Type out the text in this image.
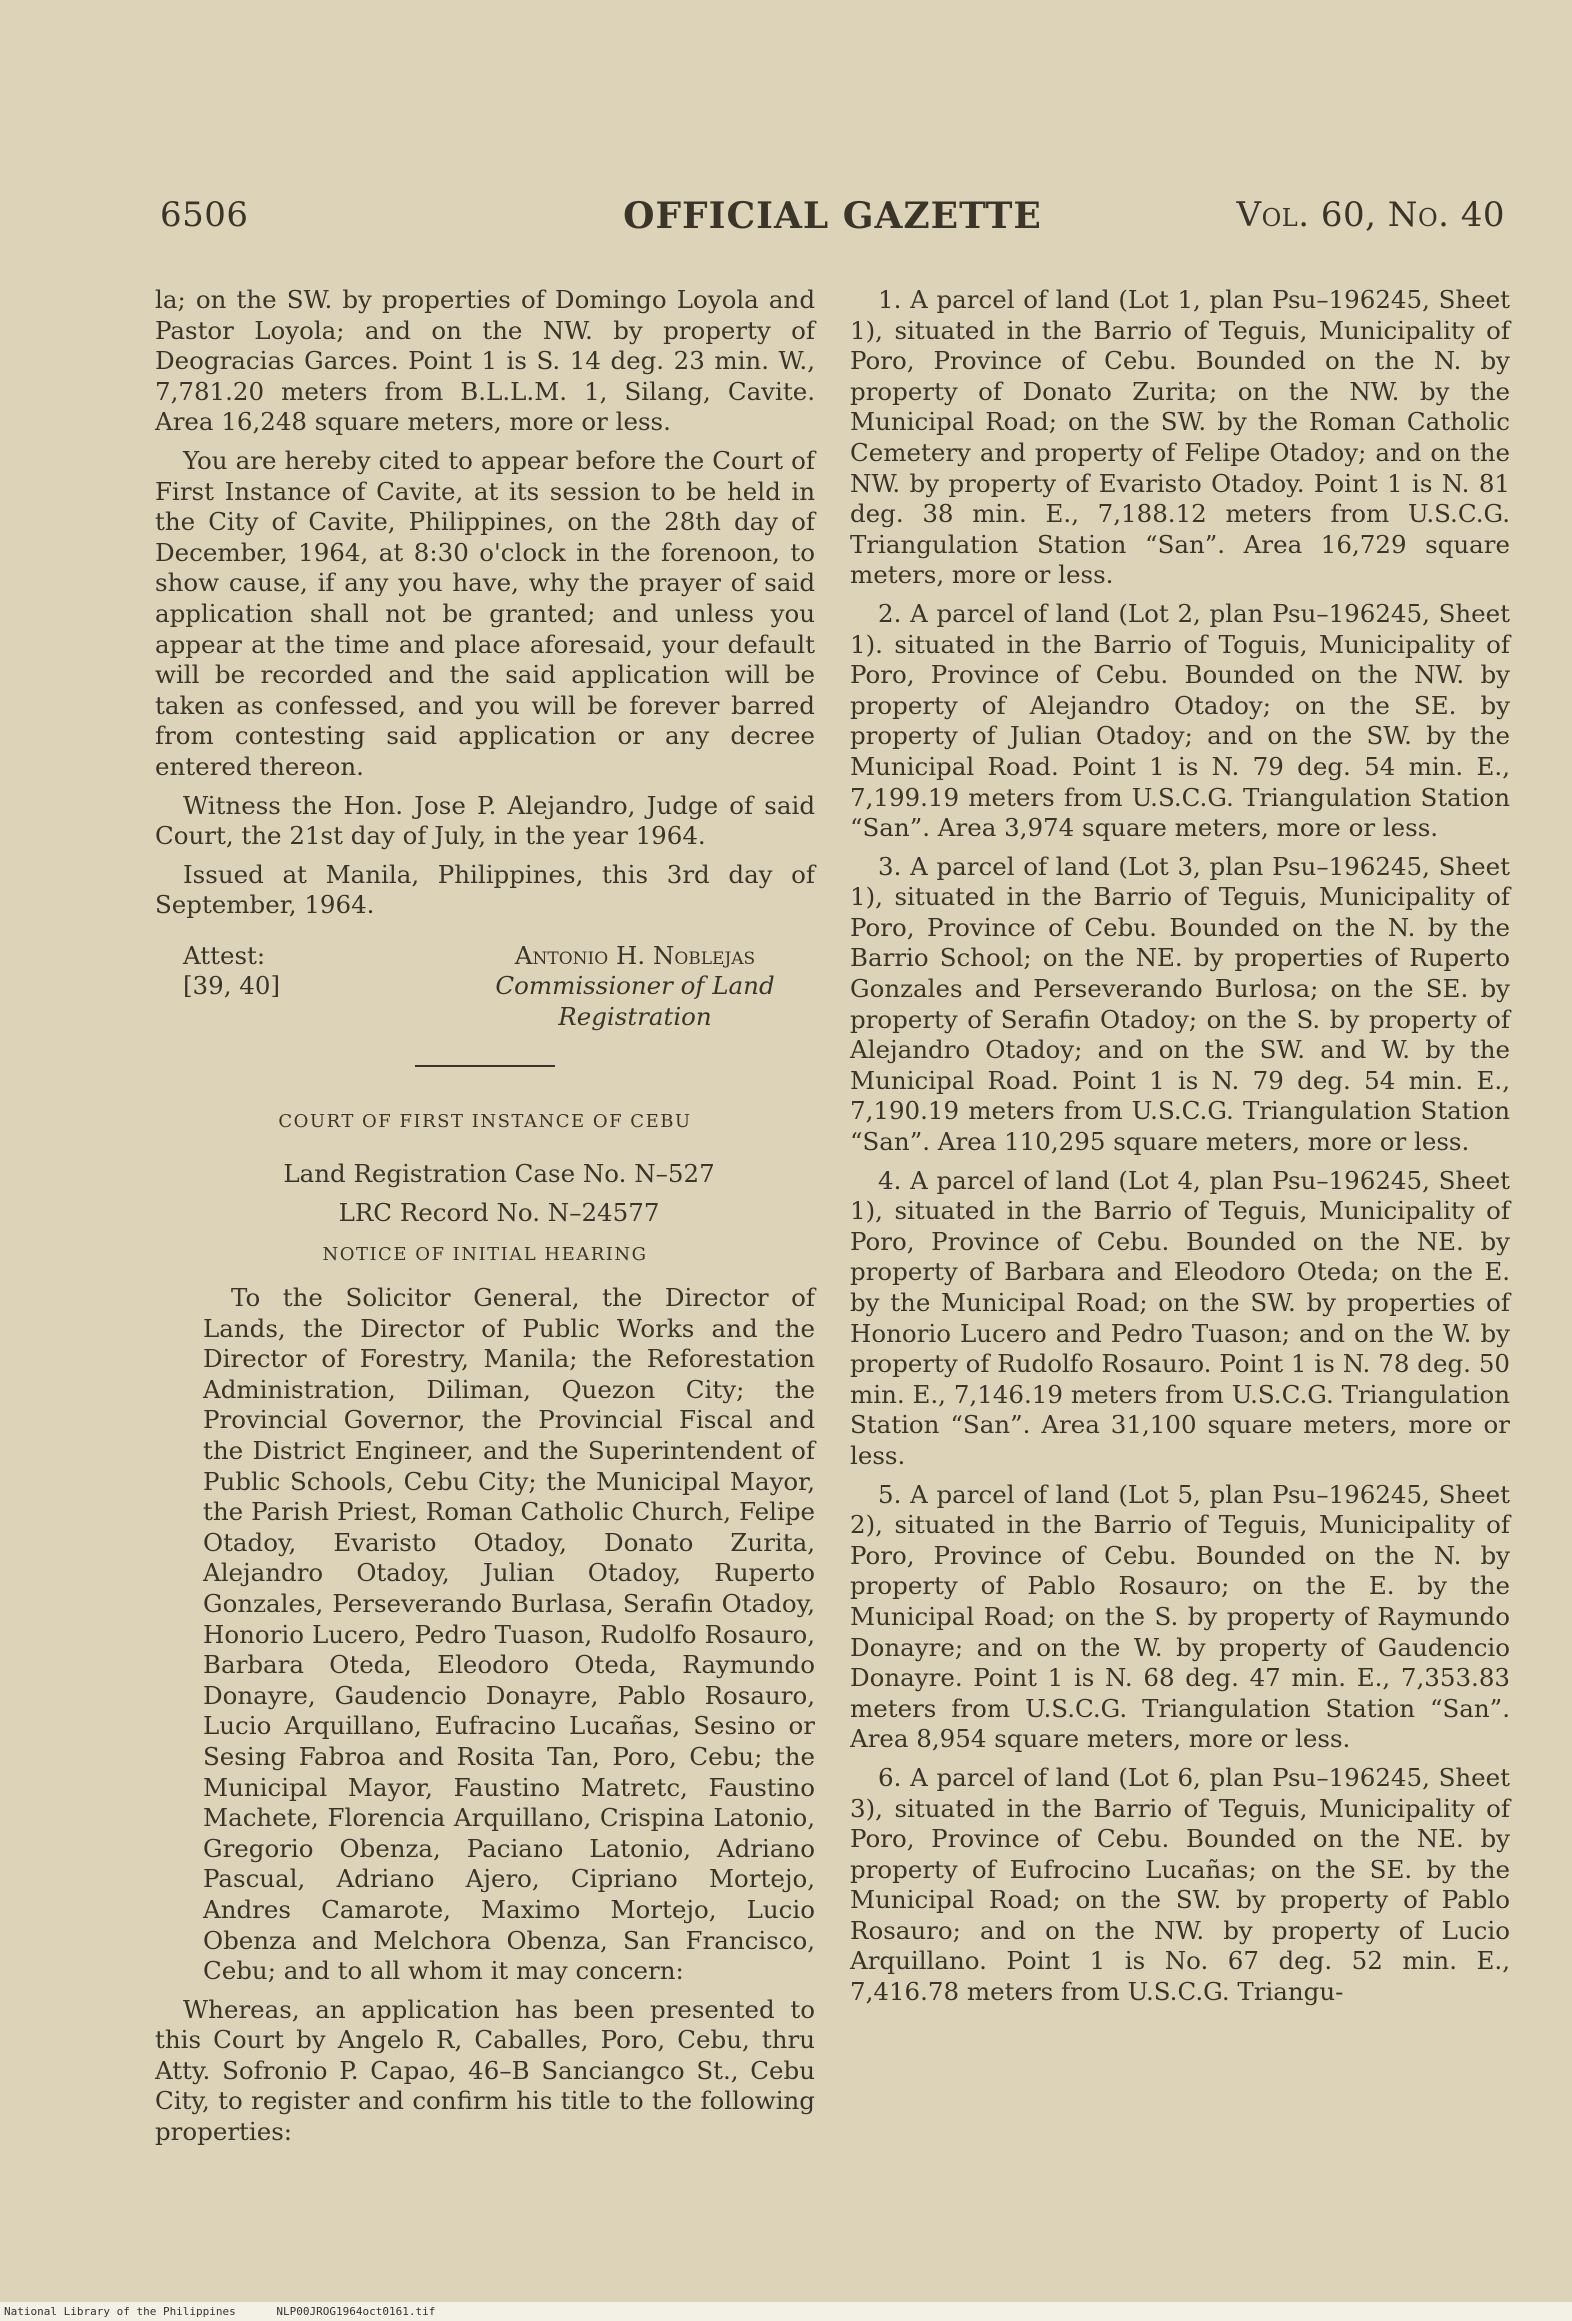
6506	OFFICIAL GAZETTE	Vol. 60, No. 40

la; on the SW. by properties of Domingo Loyola and Pastor Loyola; and on the NW. by property of Deogracias Garces. Point 1 is S. 14 deg. 23 min. W., 7,781.20 meters from B.L.L.M. 1, Silang, Cavite. Area 16,248 square meters, more or less.

You are hereby cited to appear before the Court of First Instance of Cavite, at its session to be held in the City of Cavite, Philippines, on the 28th day of December, 1964, at 8:30 o'clock in the forenoon, to show cause, if any you have, why the prayer of said application shall not be granted; and unless you appear at the time and place aforesaid, your default will be recorded and the said application will be taken as confessed, and you will be forever barred from contesting said application or any decree entered thereon.

Witness the Hon. Jose P. Alejandro, Judge of said Court, the 21st day of July, in the year 1964.

Issued at Manila, Philippines, this 3rd day of September, 1964.

Attest:
[39, 40]
Antonio H. Noblejas
Commissioner of Land Registration
COURT OF FIRST INSTANCE OF CEBU

Land Registration Case No. N–527

LRC Record No. N–24577

NOTICE OF INITIAL HEARING

To the Solicitor General, the Director of Lands, the Director of Public Works and the Director of Forestry, Manila; the Reforestation Administration, Diliman, Quezon City; the Provincial Governor, the Provincial Fiscal and the District Engineer, and the Superintendent of Public Schools, Cebu City; the Municipal Mayor, the Parish Priest, Roman Catholic Church, Felipe Otadoy, Evaristo Otadoy, Donato Zurita, Alejandro Otadoy, Julian Otadoy, Ruperto Gonzales, Perseverando Burlasa, Serafin Otadoy, Honorio Lucero, Pedro Tuason, Rudolfo Rosauro, Barbara Oteda, Eleodoro Oteda, Raymundo Donayre, Gaudencio Donayre, Pablo Rosauro, Lucio Arquillano, Eufracino Lucañas, Sesino or Sesing Fabroa and Rosita Tan, Poro, Cebu; the Municipal Mayor, Faustino Matretc, Faustino Machete, Florencia Arquillano, Crispina Latonio, Gregorio Obenza, Paciano Latonio, Adriano Pascual, Adriano Ajero, Cipriano Mortejo, Andres Camarote, Maximo Mortejo, Lucio Obenza and Melchora Obenza, San Francisco, Cebu; and to all whom it may concern:

Whereas, an application has been presented to this Court by Angelo R, Caballes, Poro, Cebu, thru Atty. Sofronio P. Capao, 46–B Sanciangco St., Cebu City, to register and confirm his title to the following properties:

1. A parcel of land (Lot 1, plan Psu–196245, Sheet 1), situated in the Barrio of Teguis, Municipality of Poro, Province of Cebu. Bounded on the N. by property of Donato Zurita; on the NW. by the Municipal Road; on the SW. by the Roman Catholic Cemetery and property of Felipe Otadoy; and on the NW. by property of Evaristo Otadoy. Point 1 is N. 81 deg. 38 min. E., 7,188.12 meters from U.S.C.G. Triangulation Station “San”. Area 16,729 square meters, more or less.

2. A parcel of land (Lot 2, plan Psu–196245, Sheet 1). situated in the Barrio of Toguis, Municipality of Poro, Province of Cebu. Bounded on the NW. by property of Alejandro Otadoy; on the SE. by property of Julian Otadoy; and on the SW. by the Municipal Road. Point 1 is N. 79 deg. 54 min. E., 7,199.19 meters from U.S.C.G. Triangulation Station “San”. Area 3,974 square meters, more or less.

3. A parcel of land (Lot 3, plan Psu–196245, Sheet 1), situated in the Barrio of Teguis, Municipality of Poro, Province of Cebu. Bounded on the N. by the Barrio School; on the NE. by properties of Ruperto Gonzales and Perseverando Burlosa; on the SE. by property of Serafin Otadoy; on the S. by property of Alejandro Otadoy; and on the SW. and W. by the Municipal Road. Point 1 is N. 79 deg. 54 min. E., 7,190.19 meters from U.S.C.G. Triangulation Station “San”. Area 110,295 square meters, more or less.

4. A parcel of land (Lot 4, plan Psu–196245, Sheet 1), situated in the Barrio of Teguis, Municipality of Poro, Province of Cebu. Bounded on the NE. by property of Barbara and Eleodoro Oteda; on the E. by the Municipal Road; on the SW. by properties of Honorio Lucero and Pedro Tuason; and on the W. by property of Rudolfo Rosauro. Point 1 is N. 78 deg. 50 min. E., 7,146.19 meters from U.S.C.G. Triangulation Station “San”. Area 31,100 square meters, more or less.

5. A parcel of land (Lot 5, plan Psu–196245, Sheet 2), situated in the Barrio of Teguis, Municipality of Poro, Province of Cebu. Bounded on the N. by property of Pablo Rosauro; on the E. by the Municipal Road; on the S. by property of Raymundo Donayre; and on the W. by property of Gaudencio Donayre. Point 1 is N. 68 deg. 47 min. E., 7,353.83 meters from U.S.C.G. Triangulation Station “San”. Area 8,954 square meters, more or less.

6. A parcel of land (Lot 6, plan Psu–196245, Sheet 3), situated in the Barrio of Teguis, Municipality of Poro, Province of Cebu. Bounded on the NE. by property of Eufrocino Lucañas; on the SE. by the Municipal Road; on the SW. by property of Pablo Rosauro; and on the NW. by property of Lucio Arquillano. Point 1 is No. 67 deg. 52 min. E., 7,416.78 meters from U.S.C.G. Triangu-

National Library of the Philippines	NLP00JROG1964oct0161.tif
